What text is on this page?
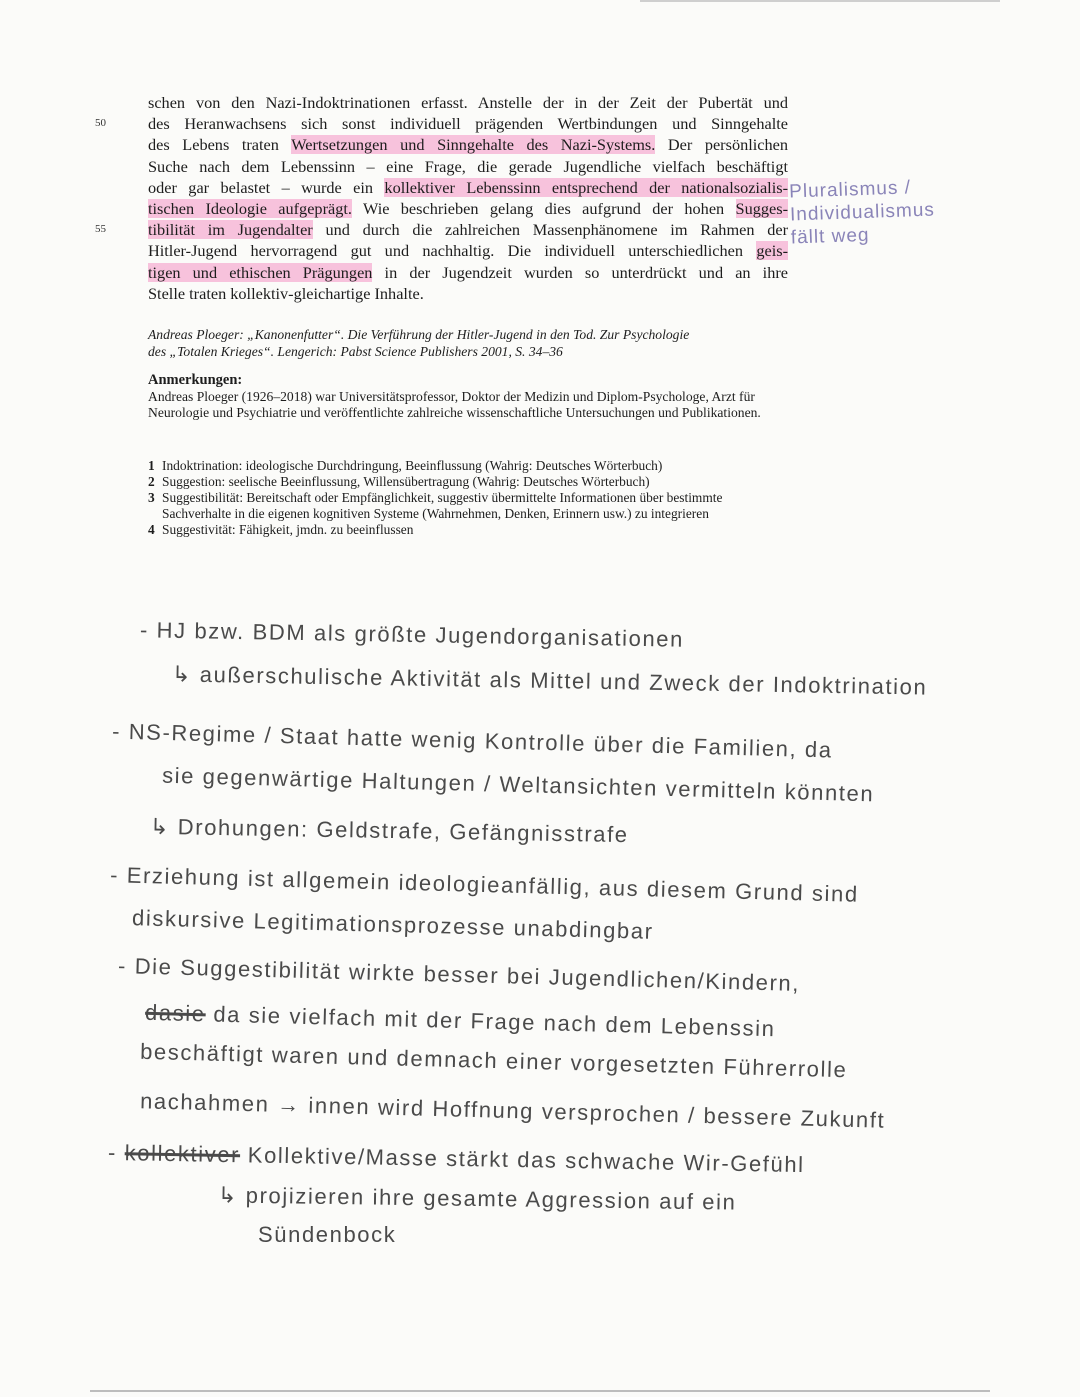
schen von den Nazi-Indoktrinationen erfasst. Anstelle der in der Zeit der Pubertät und
des Heranwachsens sich sonst individuell prägenden Wertbindungen und Sinngehalte
des Lebens traten Wertsetzungen und Sinngehalte des Nazi-Systems. Der persönlichen
Suche nach dem Lebenssinn – eine Frage, die gerade Jugendliche vielfach beschäftigt
oder gar belastet – wurde ein kollektiver Lebenssinn entsprechend der nationalsozialis-
tischen Ideologie aufgeprägt. Wie beschrieben gelang dies aufgrund der hohen Sugges-
tibilität im Jugendalter und durch die zahlreichen Massenphänomene im Rahmen der
Hitler-Jugend hervorragend gut und nachhaltig. Die individuell unterschiedlichen geis-
tigen und ethischen Prägungen in der Jugendzeit wurden so unterdrückt und an ihre
Stelle traten kollektiv-gleichartige Inhalte.
50
55
Andreas Ploeger: „Kanonenfutter“. Die Verführung der Hitler-Jugend in den Tod. Zur Psychologie
des „Totalen Krieges“. Lengerich: Pabst Science Publishers 2001, S. 34–36
Anmerkungen:
Andreas Ploeger (1926–2018) war Universitätsprofessor, Doktor der Medizin und Diplom-Psychologe, Arzt für Neurologie und Psychiatrie und veröffentlichte zahlreiche wissenschaftliche Untersuchungen und Publikationen.
1 Indoktrination: ideologische Durchdringung, Beeinflussung (Wahrig: Deutsches Wörterbuch)
2 Suggestion: seelische Beeinflussung, Willensübertragung (Wahrig: Deutsches Wörterbuch)
3 Suggestibilität: Bereitschaft oder Empfänglichkeit, suggestiv übermittelte Informationen über bestimmte Sachverhalte in die eigenen kognitiven Systeme (Wahrnehmen, Denken, Erinnern usw.) zu integrieren
4 Suggestivität: Fähigkeit, jmdn. zu beeinflussen
Pluralismus /
Individualismus
fällt weg
- HJ bzw. BDM als größte Jugendorganisationen
↳ außerschulische Aktivität als Mittel und Zweck der Indoktrination
- NS-Regime / Staat hatte wenig Kontrolle über die Familien, da
sie gegenwärtige Haltungen / Weltansichten vermitteln könnten
↳ Drohungen: Geldstrafe, Gefängnisstrafe
- Erziehung ist allgemein ideologieanfällig, aus diesem Grund sind
diskursive Legitimationsprozesse unabdingbar
- Die Suggestibilität wirkte besser bei Jugendlichen/Kindern,
dasie da sie vielfach mit der Frage nach dem Lebenssin
beschäftigt waren und demnach einer vorgesetzten Führerrolle
nachahmen → innen wird Hoffnung versprochen / bessere Zukunft
- kollektiver Kollektive/Masse stärkt das schwache Wir-Gefühl
↳ projizieren ihre gesamte Aggression auf ein
Sündenbock
